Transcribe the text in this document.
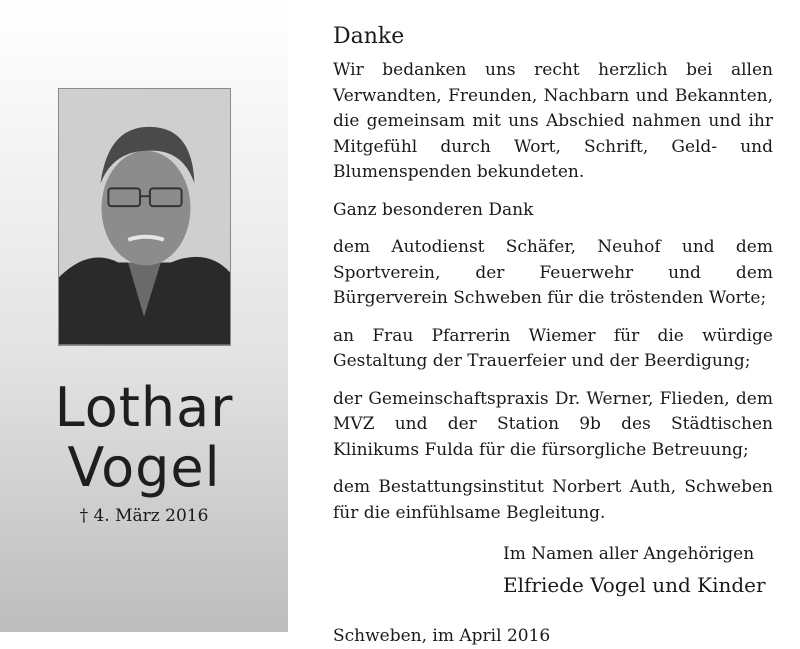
Lothar
Vogel
† 4. März 2016
Danke

Wir bedanken uns recht herzlich bei allen Verwandten, Freunden, Nachbarn und Bekannten, die gemeinsam mit uns Abschied nahmen und ihr Mitgefühl durch Wort, Schrift, Geld- und Blumenspenden bekundeten.

Ganz besonderen Dank

dem Autodienst Schäfer, Neuhof und dem Sportverein, der Feuerwehr und dem Bürgerverein Schweben für die tröstenden Worte;

an Frau Pfarrerin Wiemer für die würdige Gestaltung der Trauerfeier und der Beerdigung;

der Gemeinschaftspraxis Dr. Werner, Flieden, dem MVZ und der Station 9b des Städtischen Klinikums Fulda für die fürsorgliche Betreuung;

dem Bestattungsinstitut Norbert Auth, Schweben für die einfühlsame Begleitung.

Im Namen aller Angehörigen

Elfriede Vogel und Kinder

Schweben, im April 2016
